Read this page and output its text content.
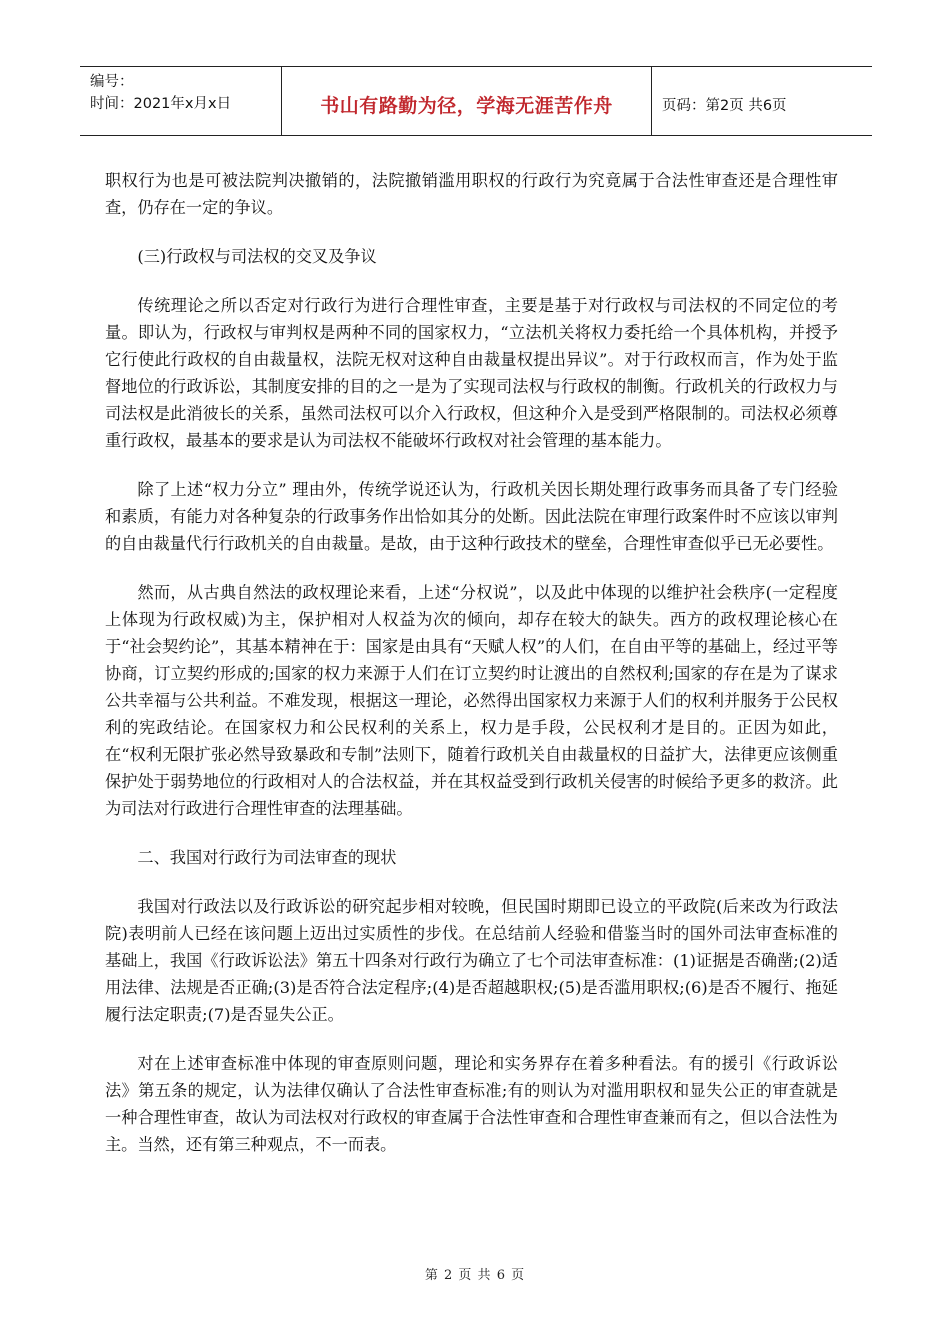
编号：
时间：2021年x月x日	书山有路勤为径，学海无涯苦作舟	页码：第2页 共6页

职权行为也是可被法院判决撤销的，法院撤销滥用职权的行政行为究竟属于合法性审查还是合理性审查，仍存在一定的争议。

(三)行政权与司法权的交叉及争议

传统理论之所以否定对行政行为进行合理性审查，主要是基于对行政权与司法权的不同定位的考量。即认为，行政权与审判权是两种不同的国家权力，“立法机关将权力委托给一个具体机构，并授予它行使此行政权的自由裁量权，法院无权对这种自由裁量权提出异议”。对于行政权而言，作为处于监督地位的行政诉讼，其制度安排的目的之一是为了实现司法权与行政权的制衡。行政机关的行政权力与司法权是此消彼长的关系，虽然司法权可以介入行政权，但这种介入是受到严格限制的。司法权必须尊重行政权，最基本的要求是认为司法权不能破坏行政权对社会管理的基本能力。

除了上述“权力分立” 理由外，传统学说还认为，行政机关因长期处理行政事务而具备了专门经验和素质，有能力对各种复杂的行政事务作出恰如其分的处断。因此法院在审理行政案件时不应该以审判的自由裁量代行行政机关的自由裁量。是故，由于这种行政技术的壁垒，合理性审查似乎已无必要性。

然而，从古典自然法的政权理论来看，上述“分权说”，以及此中体现的以维护社会秩序(一定程度上体现为行政权威)为主，保护相对人权益为次的倾向，却存在较大的缺失。西方的政权理论核心在于“社会契约论”，其基本精神在于：国家是由具有“天赋人权”的人们，在自由平等的基础上，经过平等协商，订立契约形成的;国家的权力来源于人们在订立契约时让渡出的自然权利;国家的存在是为了谋求公共幸福与公共利益。不难发现，根据这一理论，必然得出国家权力来源于人们的权利并服务于公民权利的宪政结论。在国家权力和公民权利的关系上，权力是手段，公民权利才是目的。正因为如此，在“权利无限扩张必然导致暴政和专制”法则下，随着行政机关自由裁量权的日益扩大，法律更应该侧重保护处于弱势地位的行政相对人的合法权益，并在其权益受到行政机关侵害的时候给予更多的救济。此为司法对行政进行合理性审查的法理基础。

二、我国对行政行为司法审查的现状

我国对行政法以及行政诉讼的研究起步相对较晚，但民国时期即已设立的平政院(后来改为行政法院)表明前人已经在该问题上迈出过实质性的步伐。在总结前人经验和借鉴当时的国外司法审查标准的基础上，我国《行政诉讼法》第五十四条对行政行为确立了七个司法审查标准：(1)证据是否确凿;(2)适用法律、法规是否正确;(3)是否符合法定程序;(4)是否超越职权;(5)是否滥用职权;(6)是否不履行、拖延履行法定职责;(7)是否显失公正。

对在上述审查标准中体现的审查原则问题，理论和实务界存在着多种看法。有的援引《行政诉讼法》第五条的规定，认为法律仅确认了合法性审查标准;有的则认为对滥用职权和显失公正的审查就是一种合理性审查，故认为司法权对行政权的审查属于合法性审查和合理性审查兼而有之，但以合法性为主。当然，还有第三种观点，不一而表。

第 2 页 共 6 页
